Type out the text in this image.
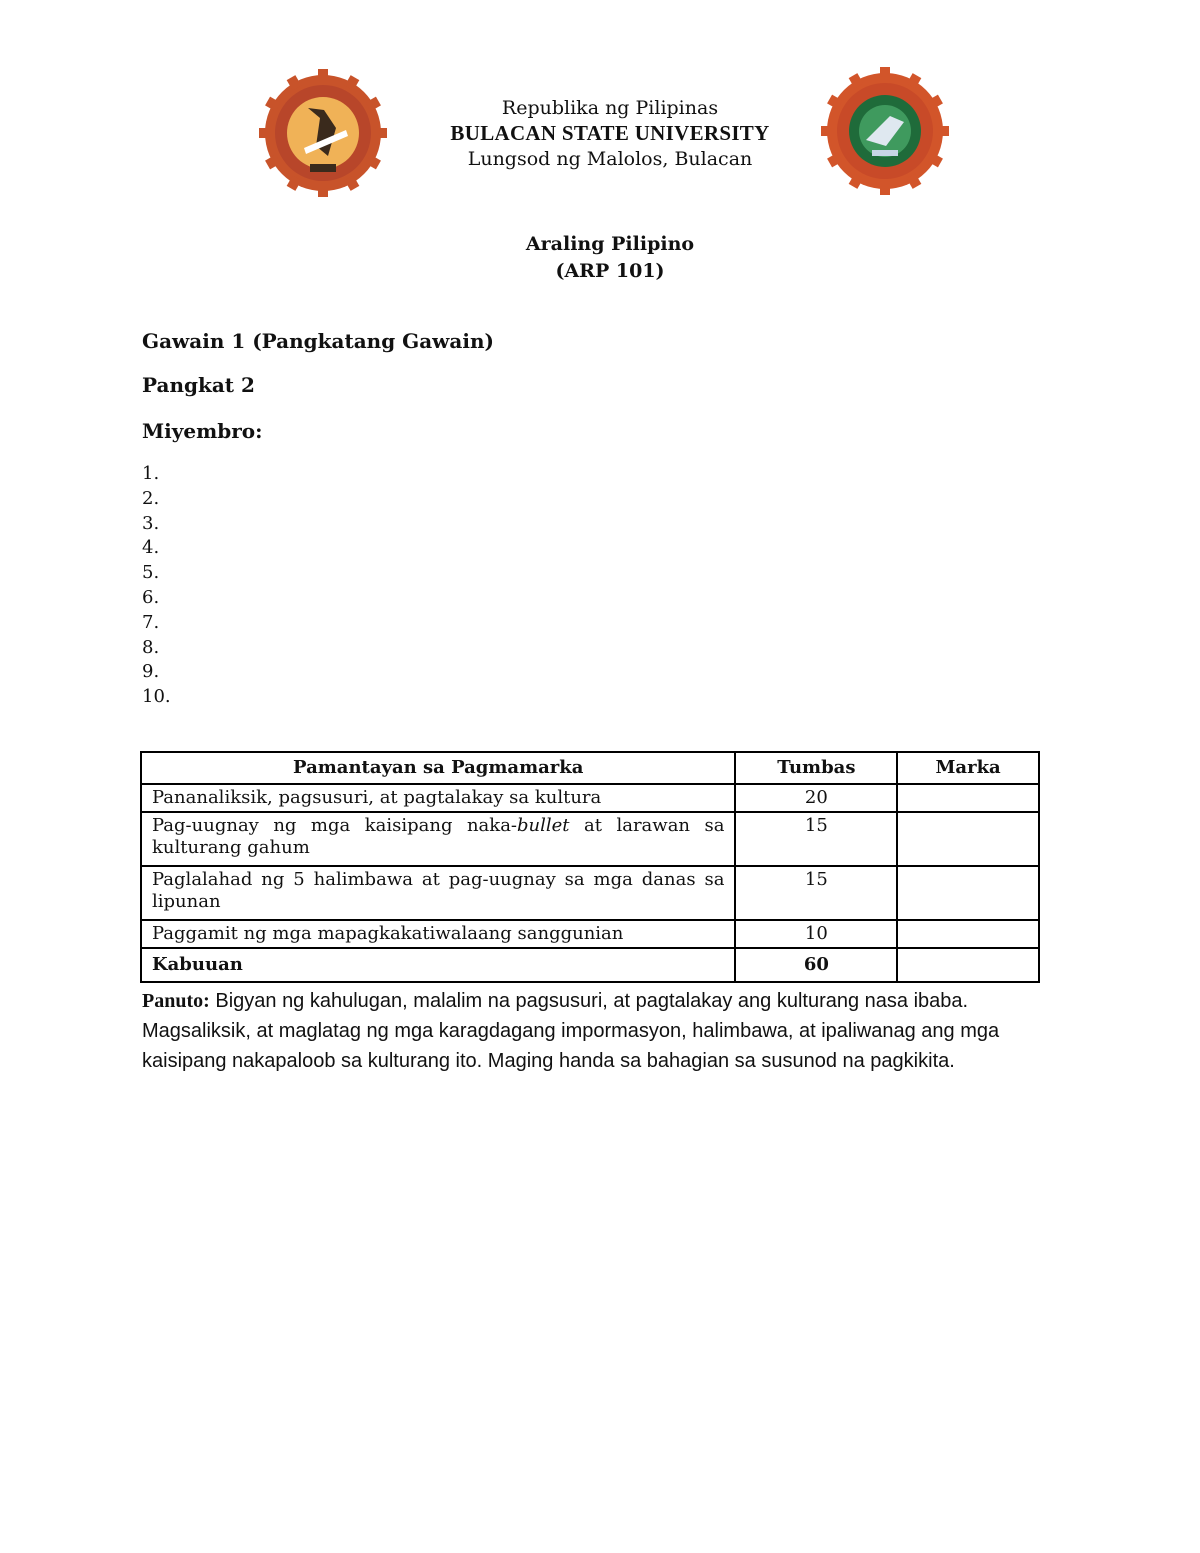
Republika ng Pilipinas
BULACAN STATE UNIVERSITY
Lungsod ng Malolos, Bulacan
Araling Pilipino
(ARP 101)
Gawain 1 (Pangkatang Gawain)
Pangkat 2
Miyembro:
1.
2.
3.
4.
5.
6.
7.
8.
9.
10.
Pamantayan sa Pagmamarka	Tumbas	Marka
Pananaliksik, pagsusuri, at pagtalakay sa kultura	20	
Pag-uugnay ng mga kaisipang naka-bullet at larawan sa kulturang gahum	15	
Paglalahad ng 5 halimbawa at pag-uugnay sa mga danas sa lipunan	15	
Paggamit ng mga mapagkakatiwalaang sanggunian	10	
Kabuuan	60	
Panuto: Bigyan ng kahulugan, malalim na pagsusuri, at pagtalakay ang kulturang nasa ibaba. Magsaliksik, at maglatag ng mga karagdagang impormasyon, halimbawa, at ipaliwanag ang mga kaisipang nakapaloob sa kulturang ito. Maging handa sa bahagian sa susunod na pagkikita.
